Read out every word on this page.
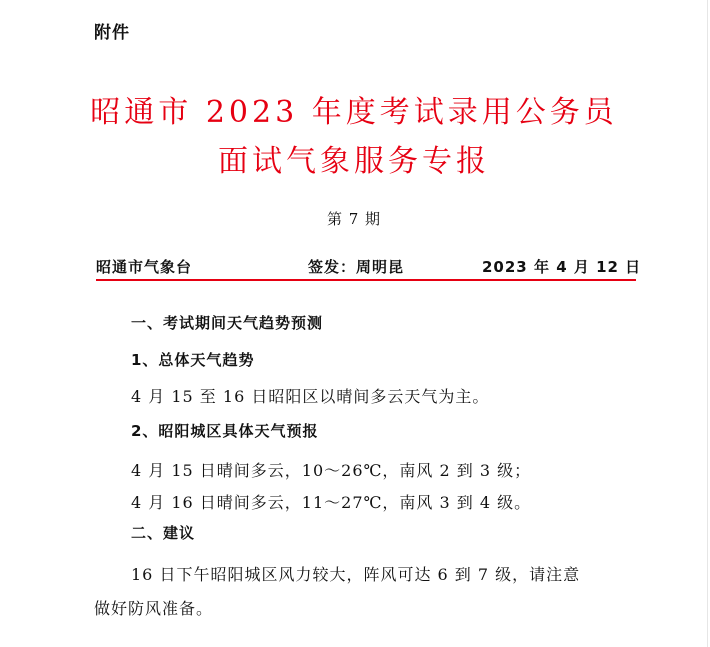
附件
昭通市 2023 年度考试录用公务员
面试气象服务专报
第 7 期
昭通市气象台	签发：周明昆	2023 年 4 月 12 日
一、考试期间天气趋势预测
1、总体天气趋势
4 月 15 至 16 日昭阳区以晴间多云天气为主。
2、昭阳城区具体天气预报
4 月 15 日晴间多云，10～26℃，南风 2 到 3 级；
4 月 16 日晴间多云，11～27℃，南风 3 到 4 级。
二、建议
16 日下午昭阳城区风力较大，阵风可达 6 到 7 级，请注意
做好防风准备。
